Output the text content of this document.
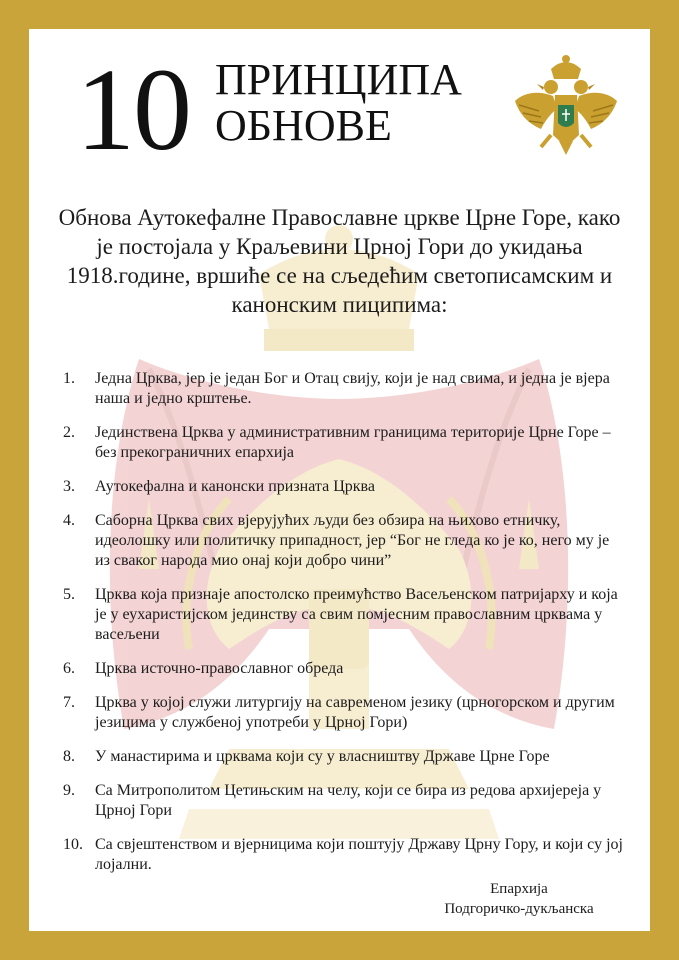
10 ПРИНЦИПА
ОБНОВЕ
Обнова Аутокефалне Православне цркве Црне Горе, како је постојала у Краљевини Црној Гори до укидања 1918.године, вршиће се на сљедећим светописамским и канонским пиципима:
1. Једна Црква, јер је један Бог и Отац свију, који је над свима, и једна је вјера наша и једно крштење.
2. Јединствена Црква у административним границима територије Црне Горе – без прекограничних епархија
3. Аутокефална и канонски призната Црква
4. Саборна Црква свих вјерујућих људи без обзира на њихово етничку, идеолошку или политичку припадност, јер “Бог не гледа ко је ко, него му је из сваког народа мио онај који добро чини”
5. Црква која признаје апостолско преимућство Васељенском патријарху и која је у еухаристијском јединству са свим помјесним православним црквама у васељени
6. Црква источно-православног обреда
7. Црква у којој служи литургију на савременом језику (црногорском и другим језицима у службеној употреби у Црној Гори)
8. У манастирима и црквама који су у власништву Државе Црне Горе
9. Са Митрополитом Цетињским на челу, који се бира из редова архијереја у Црној Гори
10. Са свјештенством и вјерницима који поштују Државу Црну Гору, и који су јој лојални.
Епархија
Подгоричко-дукљанска
